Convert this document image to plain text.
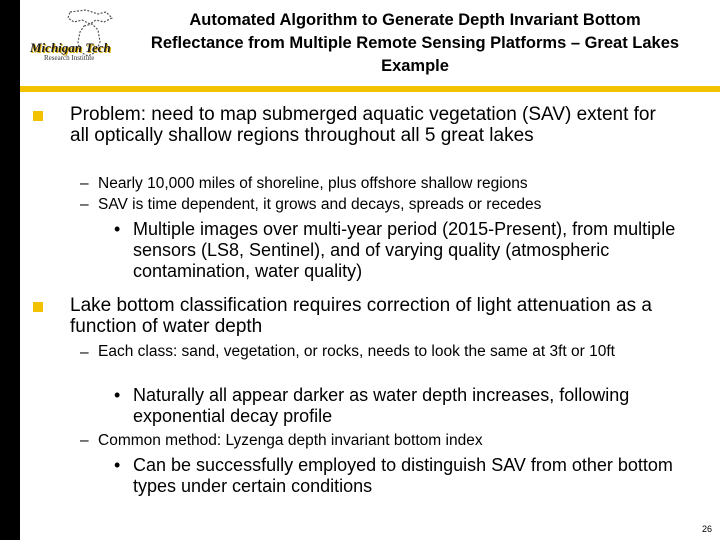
Michigan Tech
Research Institute
Automated Algorithm to Generate Depth Invariant Bottom Reflectance from Multiple Remote Sensing Platforms – Great Lakes Example
Problem: need to map submerged aquatic vegetation (SAV) extent for all optically shallow regions throughout all 5 great lakes
– Nearly 10,000 miles of shoreline, plus offshore shallow regions
– SAV is time dependent, it grows and decays, spreads or recedes
• Multiple images over multi-year period (2015-Present), from multiple sensors (LS8, Sentinel), and of varying quality (atmospheric contamination, water quality)
Lake bottom classification requires correction of light attenuation as a function of water depth
– Each class: sand, vegetation, or rocks, needs to look the same at 3ft or 10ft
• Naturally all appear darker as water depth increases, following exponential decay profile
– Common method: Lyzenga depth invariant bottom index
• Can be successfully employed to distinguish SAV from other bottom types under certain conditions
26
